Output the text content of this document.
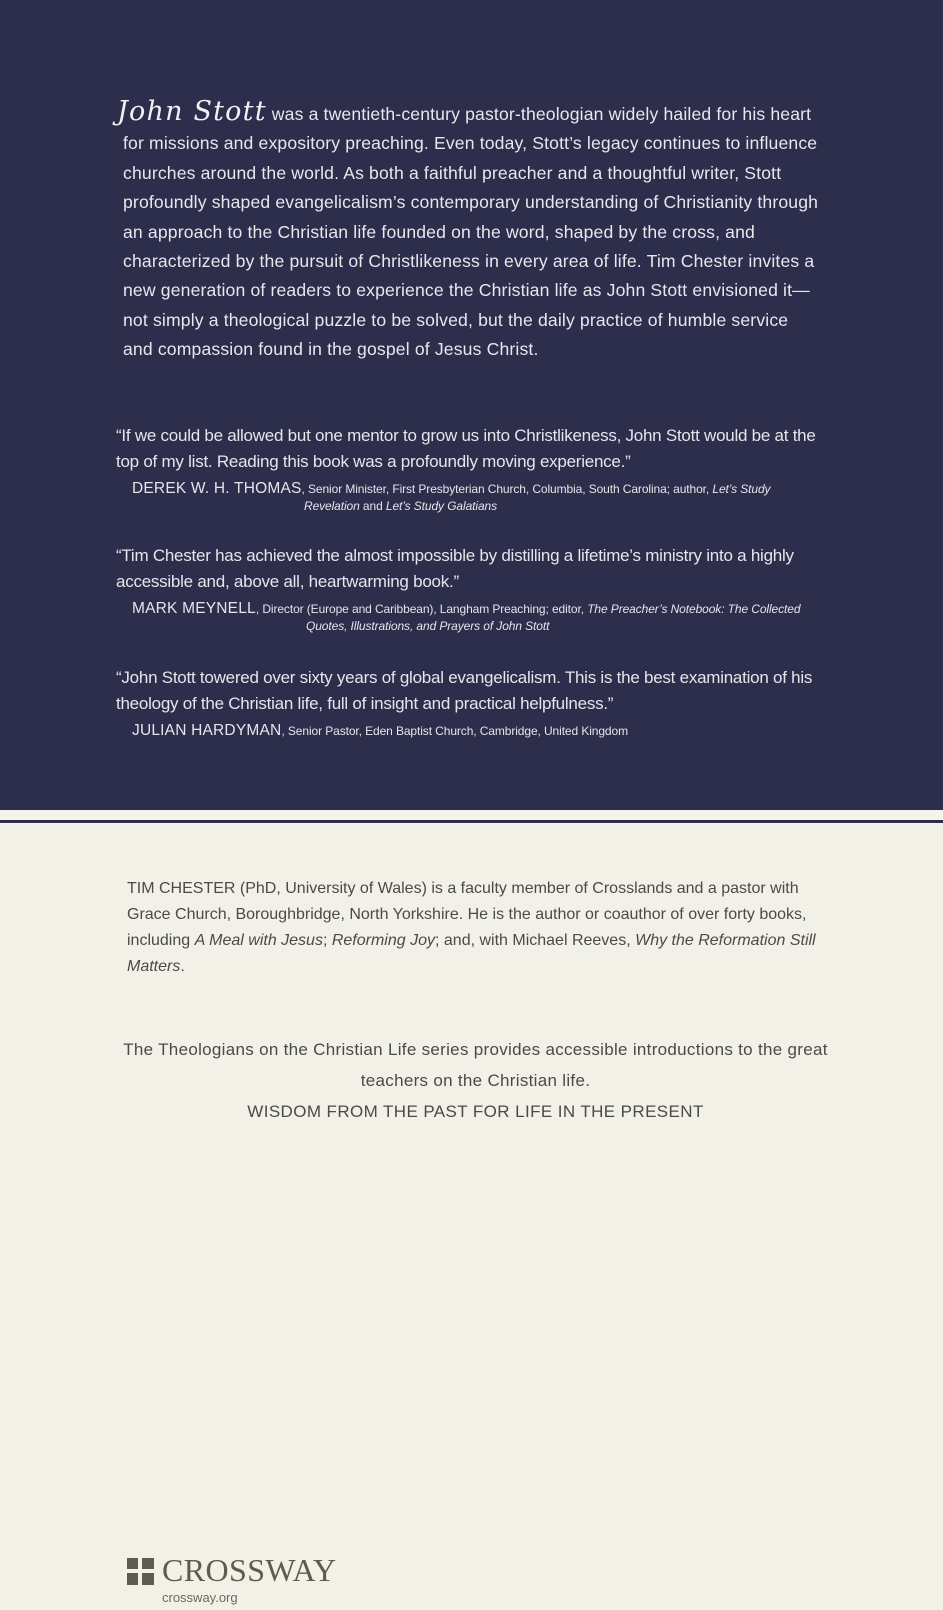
John Stott was a twentieth-century pastor-theologian widely hailed for his heart for missions and expository preaching. Even today, Stott’s legacy continues to influence churches around the world. As both a faithful preacher and a thoughtful writer, Stott profoundly shaped evangelicalism’s contemporary understanding of Christianity through an approach to the Christian life founded on the word, shaped by the cross, and characterized by the pursuit of Christlikeness in every area of life. Tim Chester invites a new generation of readers to experience the Christian life as John Stott envisioned it—not simply a theological puzzle to be solved, but the daily practice of humble service and compassion found in the gospel of Jesus Christ.

“If we could be allowed but one mentor to grow us into Christlikeness, John Stott would be at the top of my list. Reading this book was a profoundly moving experience.”

DEREK W. H. THOMAS, Senior Minister, First Presbyterian Church, Columbia, South Carolina; author, Let’s Study
Revelation and Let’s Study Galatians

“Tim Chester has achieved the almost impossible by distilling a lifetime’s ministry into a highly accessible and, above all, heartwarming book.”

MARK MEYNELL, Director (Europe and Caribbean), Langham Preaching; editor, The Preacher’s Notebook: The Collected
Quotes, Illustrations, and Prayers of John Stott

“John Stott towered over sixty years of global evangelicalism. This is the best examination of his theology of the Christian life, full of insight and practical helpfulness.”

JULIAN HARDYMAN, Senior Pastor, Eden Baptist Church, Cambridge, United Kingdom

TIM CHESTER (PhD, University of Wales) is a faculty member of Crosslands and a pastor with Grace Church, Boroughbridge, North Yorkshire. He is the author or coauthor of over forty books, including A Meal with Jesus; Reforming Joy; and, with Michael Reeves, Why the Reformation Still Matters.

The Theologians on the Christian Life series provides accessible introductions to the great teachers on the Christian life.
WISDOM FROM THE PAST FOR LIFE IN THE PRESENT

CROSSWAY
crossway.org
